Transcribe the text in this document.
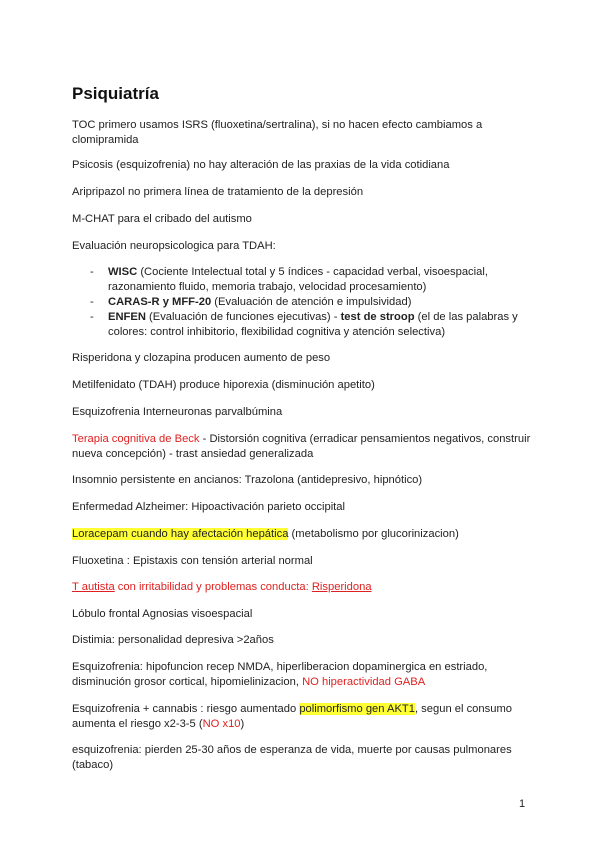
Psiquiatría
TOC primero usamos ISRS (fluoxetina/sertralina), si no hacen efecto cambiamos a clomipramida
Psicosis (esquizofrenia) no hay alteración de las praxias de la vida cotidiana
Aripripazol no primera línea de tratamiento de la depresión
M-CHAT para el cribado del autismo
Evaluación neuropsicologica para TDAH:
- WISC (Cociente Intelectual total y 5 índices - capacidad verbal, visoespacial, razonamiento fluido, memoria trabajo, velocidad procesamiento)
- CARAS-R y MFF-20 (Evaluación de atención e impulsividad)
- ENFEN (Evaluación de funciones ejecutivas) - test de stroop (el de las palabras y colores: control inhibitorio, flexibilidad cognitiva y atención selectiva)
Risperidona y clozapina producen aumento de peso
Metilfenidato (TDAH) produce hiporexia (disminución apetito)
Esquizofrenia Interneuronas parvalbúmina
Terapia cognitiva de Beck - Distorsión cognitiva (erradicar pensamientos negativos, construir nueva concepción) - trast ansiedad generalizada
Insomnio persistente en ancianos: Trazolona (antidepresivo, hipnótico)
Enfermedad Alzheimer: Hipoactivación parieto occipital
Loracepam cuando hay afectación hepática (metabolismo por glucorinizacion)
Fluoxetina : Epistaxis con tensión arterial normal
T autista con irritabilidad y problemas conducta: Risperidona
Lóbulo frontal Agnosias visoespacial
Distimia: personalidad depresiva >2años
Esquizofrenia: hipofuncion recep NMDA, hiperliberacion dopaminergica en estriado, disminución grosor cortical, hipomielinizacion, NO hiperactividad GABA
Esquizofrenia + cannabis : riesgo aumentado polimorfismo gen AKT1, segun el consumo aumenta el riesgo x2-3-5 (NO x10)
esquizofrenia: pierden 25-30 años de esperanza de vida, muerte por causas pulmonares (tabaco)
1
